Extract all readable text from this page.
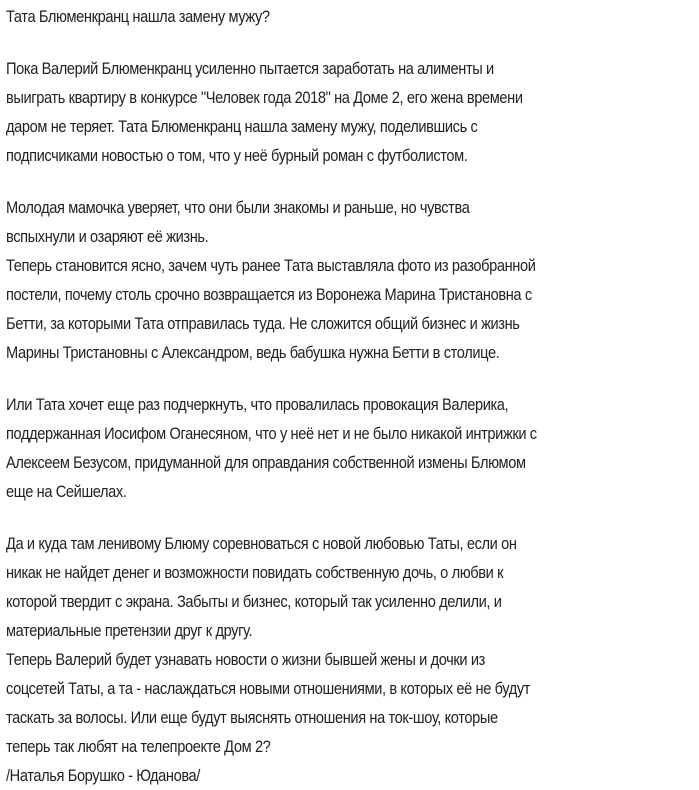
Тата Блюменкранц нашла замену мужу?
Пока Валерий Блюменкранц усиленно пытается заработать на алименты и
выиграть квартиру в конкурсе "Человек года 2018" на Доме 2, его жена времени
даром не теряет. Тата Блюменкранц нашла замену мужу, поделившись с
подписчиками новостью о том, что у неё бурный роман с футболистом.
Молодая мамочка уверяет, что они были знакомы и раньше, но чувства
вспыхнули и озаряют её жизнь.
Теперь становится ясно, зачем чуть ранее Тата выставляла фото из разобранной
постели, почему столь срочно возвращается из Воронежа Марина Тристановна с
Бетти, за которыми Тата отправилась туда. Не сложится общий бизнес и жизнь
Марины Тристановны с Александром, ведь бабушка нужна Бетти в столице.
Или Тата хочет еще раз подчеркнуть, что провалилась провокация Валерика,
поддержанная Иосифом Оганесяном, что у неё нет и не было никакой интрижки с
Алексеем Безусом, придуманной для оправдания собственной измены Блюмом
еще на Сейшелах.
Да и куда там ленивому Блюму соревноваться с новой любовью Таты, если он
никак не найдет денег и возможности повидать собственную дочь, о любви к
которой твердит с экрана. Забыты и бизнес, который так усиленно делили, и
материальные претензии друг к другу.
Теперь Валерий будет узнавать новости о жизни бывшей жены и дочки из
соцсетей Таты, а та - наслаждаться новыми отношениями, в которых её не будут
таскать за волосы. Или еще будут выяснять отношения на ток-шоу, которые
теперь так любят на телепроекте Дом 2?
/Наталья Борушко - Юданова/
